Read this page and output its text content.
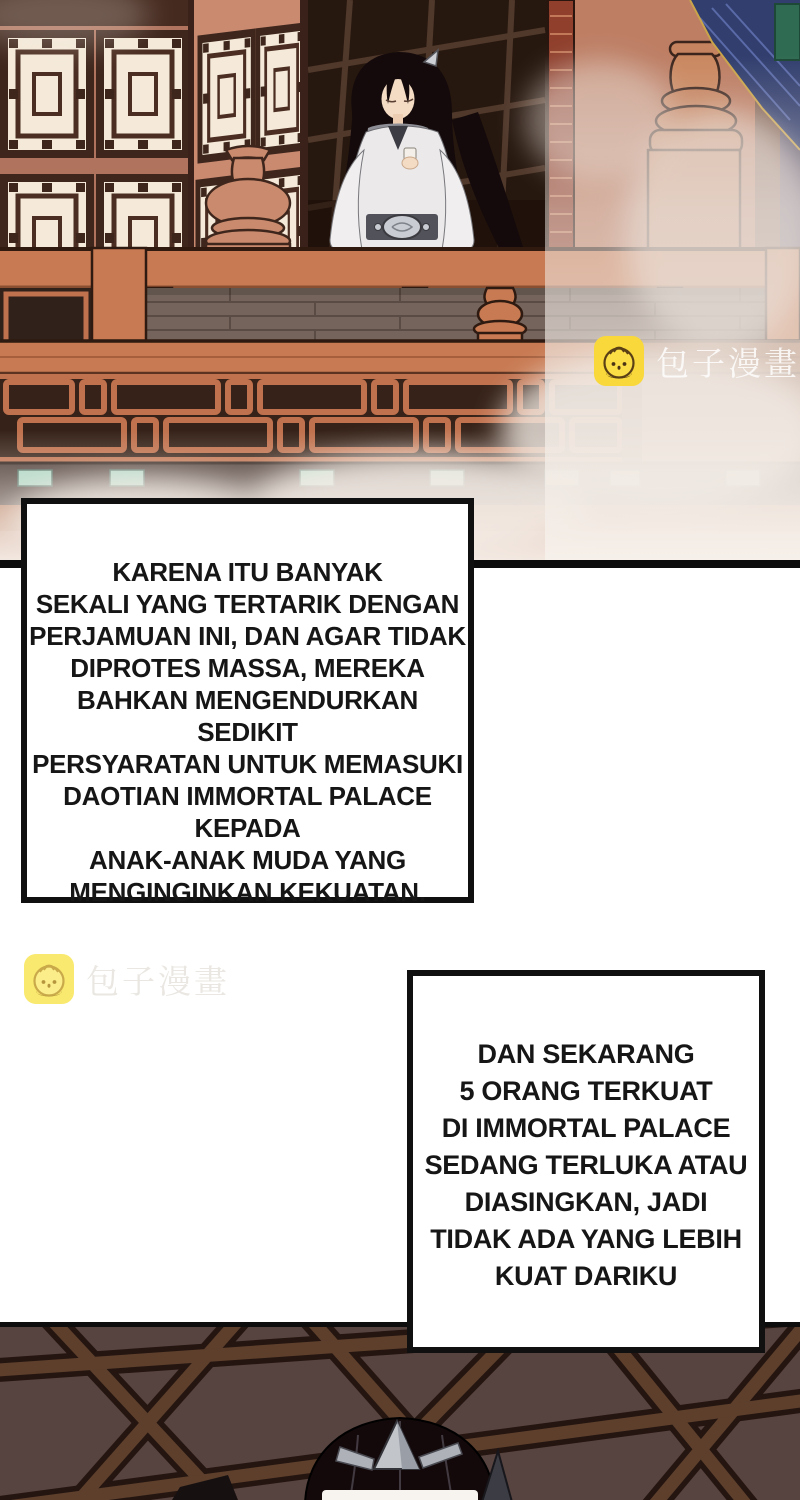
包子漫畫

KARENA ITU BANYAK

SEKALI YANG TERTARIK DENGAN

PERJAMUAN INI, DAN AGAR TIDAK

DIPROTES MASSA, MEREKA

BAHKAN MENGENDURKAN SEDIKIT

PERSYARATAN UNTUK MEMASUKI

DAOTIAN IMMORTAL PALACE KEPADA

ANAK-ANAK MUDA YANG

MENGINGINKAN KEKUATAN.

包子漫畫

DAN SEKARANG

5 ORANG TERKUAT

DI IMMORTAL PALACE

SEDANG TERLUKA ATAU

DIASINGKAN, JADI

TIDAK ADA YANG LEBIH

KUAT DARIKU
